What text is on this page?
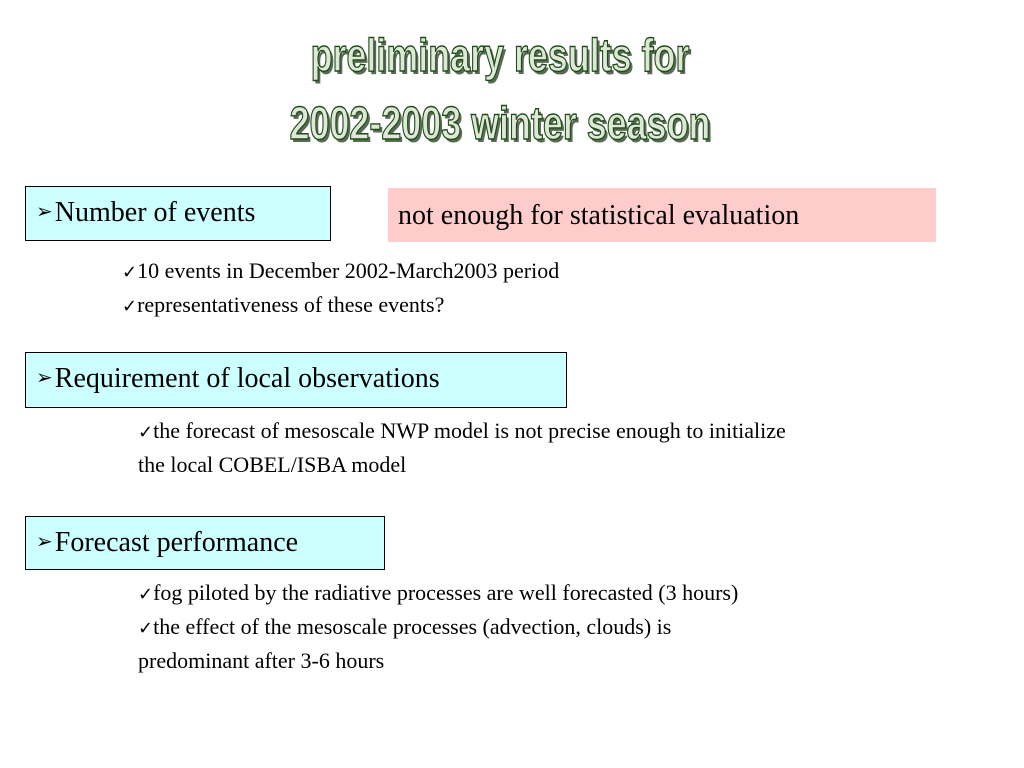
preliminary results for
2002-2003 winter season
➢Number of events	not enough for statistical evaluation
✓10 events in December 2002-March2003 period
✓representativeness of these events?
➢Requirement of local observations
✓the forecast of mesoscale NWP model is not precise enough to initialize
the local COBEL/ISBA model
➢Forecast performance
✓fog piloted by the radiative processes are well forecasted (3 hours)
✓the effect of the mesoscale processes (advection, clouds) is
predominant after 3-6 hours
